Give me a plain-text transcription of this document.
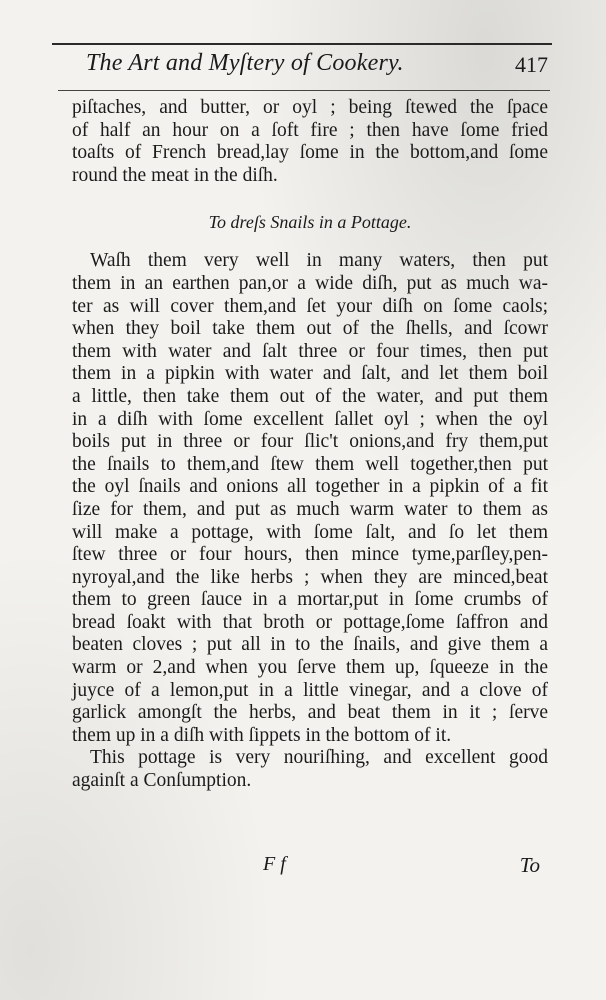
The Art and Myſtery of Cookery.	417
piſtaches, and butter, or oyl ; being ſtewed the ſpace
of half an hour on a ſoft fire ; then have ſome fried
toaſts of French bread,lay ſome in the bottom,and ſome
round the meat in the diſh.
To dreſs Snails in a Pottage.
Waſh them very well in many waters, then put
them in an earthen pan,or a wide diſh, put as much wa-
ter as will cover them,and ſet your diſh on ſome caols;
when they boil take them out of the ſhells, and ſcowr
them with water and ſalt three or four times, then put
them in a pipkin with water and ſalt, and let them boil
a little, then take them out of the water, and put them
in a diſh with ſome excellent ſallet oyl ; when the oyl
boils put in three or four ſlic't onions,and fry them,put
the ſnails to them,and ſtew them well together,then put
the oyl ſnails and onions all together in a pipkin of a fit
ſize for them, and put as much warm water to them as
will make a pottage, with ſome ſalt, and ſo let them
ſtew three or four hours, then mince tyme,parſley,pen-
nyroyal,and the like herbs ; when they are minced,beat
them to green ſauce in a mortar,put in ſome crumbs of
bread ſoakt with that broth or pottage,ſome ſaffron and
beaten cloves ; put all in to the ſnails, and give them a
warm or 2,and when you ſerve them up, ſqueeze in the
juyce of a lemon,put in a little vinegar, and a clove of
garlick amongſt the herbs, and beat them in it ; ſerve
them up in a diſh with ſippets in the bottom of it.
This pottage is very nouriſhing, and excellent good
againſt a Conſumption.
F f	To
